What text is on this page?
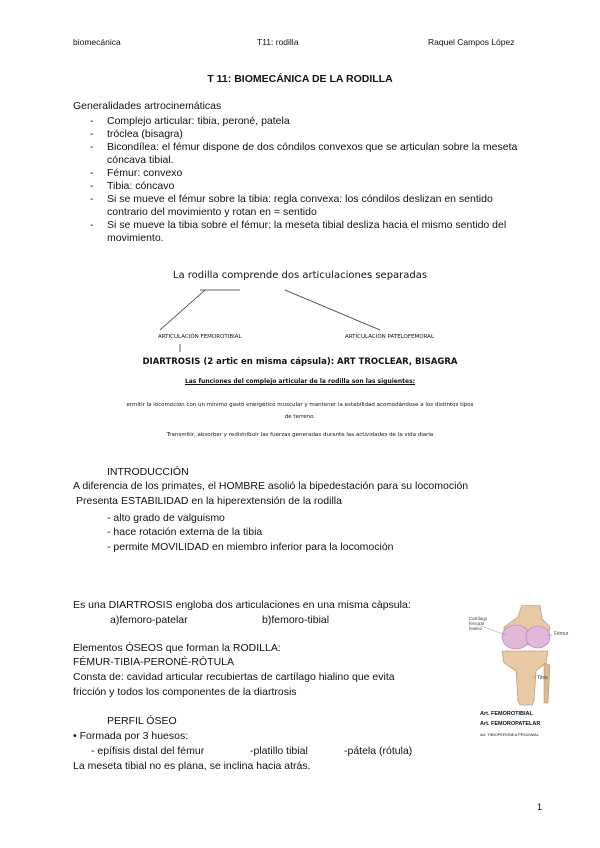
biomecánica	T11: rodilla	Raquel Campos López
T 11: BIOMECÁNICA DE LA RODILLA
Generalidades artrocinemáticas
- Complejo articular: tibia, peroné, patela
- tróclea (bisagra)
- Bicondílea: el fémur dispone de dos cóndilos convexos que se articulan sobre la meseta cóncava tibial.
- Fémur: convexo
- Tibia: cóncavo
- Si se mueve el fémur sobre la tibia: regla convexa: los cóndilos deslizan en sentido contrario del movimiento y rotan en = sentido
- Si se mueve la tibia sobre el fémur: la meseta tibial desliza hacia el mismo sentido del movimiento.
La rodilla comprende dos articulaciones separadas
ARTICULACIÓN FEMOROTIBIAL	ARTICULACIÓN PATELOFEMORAL
DIARTROSIS (2 artic en misma cápsula): ART TROCLEAR, BISAGRA
Las funciones del complejo articular de la rodilla son las siguientes:
ermitir la locomoción con un mínimo gasto energético muscular y mantener la estabilidad acomodándose a los distintos tipos
de terreno.
Transmitir, absorber y redistribuir las fuerzas generadas durante las actividades de la vida diaria
INTRODUCCIÓN
A diferencia de los primates, el HOMBRE asolió la bipedestación para su locomoción
Presenta ESTABILIDAD en la hiperextensión de la rodilla
- alto grado de valguismo
- hace rotación externa de la tibia
- permite MOVILIDAD en miembro inferior para la locomoción
Es una DIARTROSIS engloba dos articulaciones en una misma càpsula:
a)femoro-patelar	b)femoro-tibial
Elementos ÓSEOS que forman la RODILLA:
FÉMUR-TIBIA-PERONÉ-RÓTULA
Consta de: cavidad articular recubiertas de cartílago hialino que evita
fricción y todos los componentes de la diartrosis
PERFIL ÓSEO
• Formada por 3 huesos:
- epífisis distal del fémur	-platillo tibial	-pátela (rótula)
La meseta tibial no es plana, se inclina hacia atrás.
Cartílago
femoral
hialino
Fémur
Tibia
Art. FEMOROTIBIAL
Art. FEMOROPATELAR
Art. TIBIOPERONEA PROXIMAL
1
